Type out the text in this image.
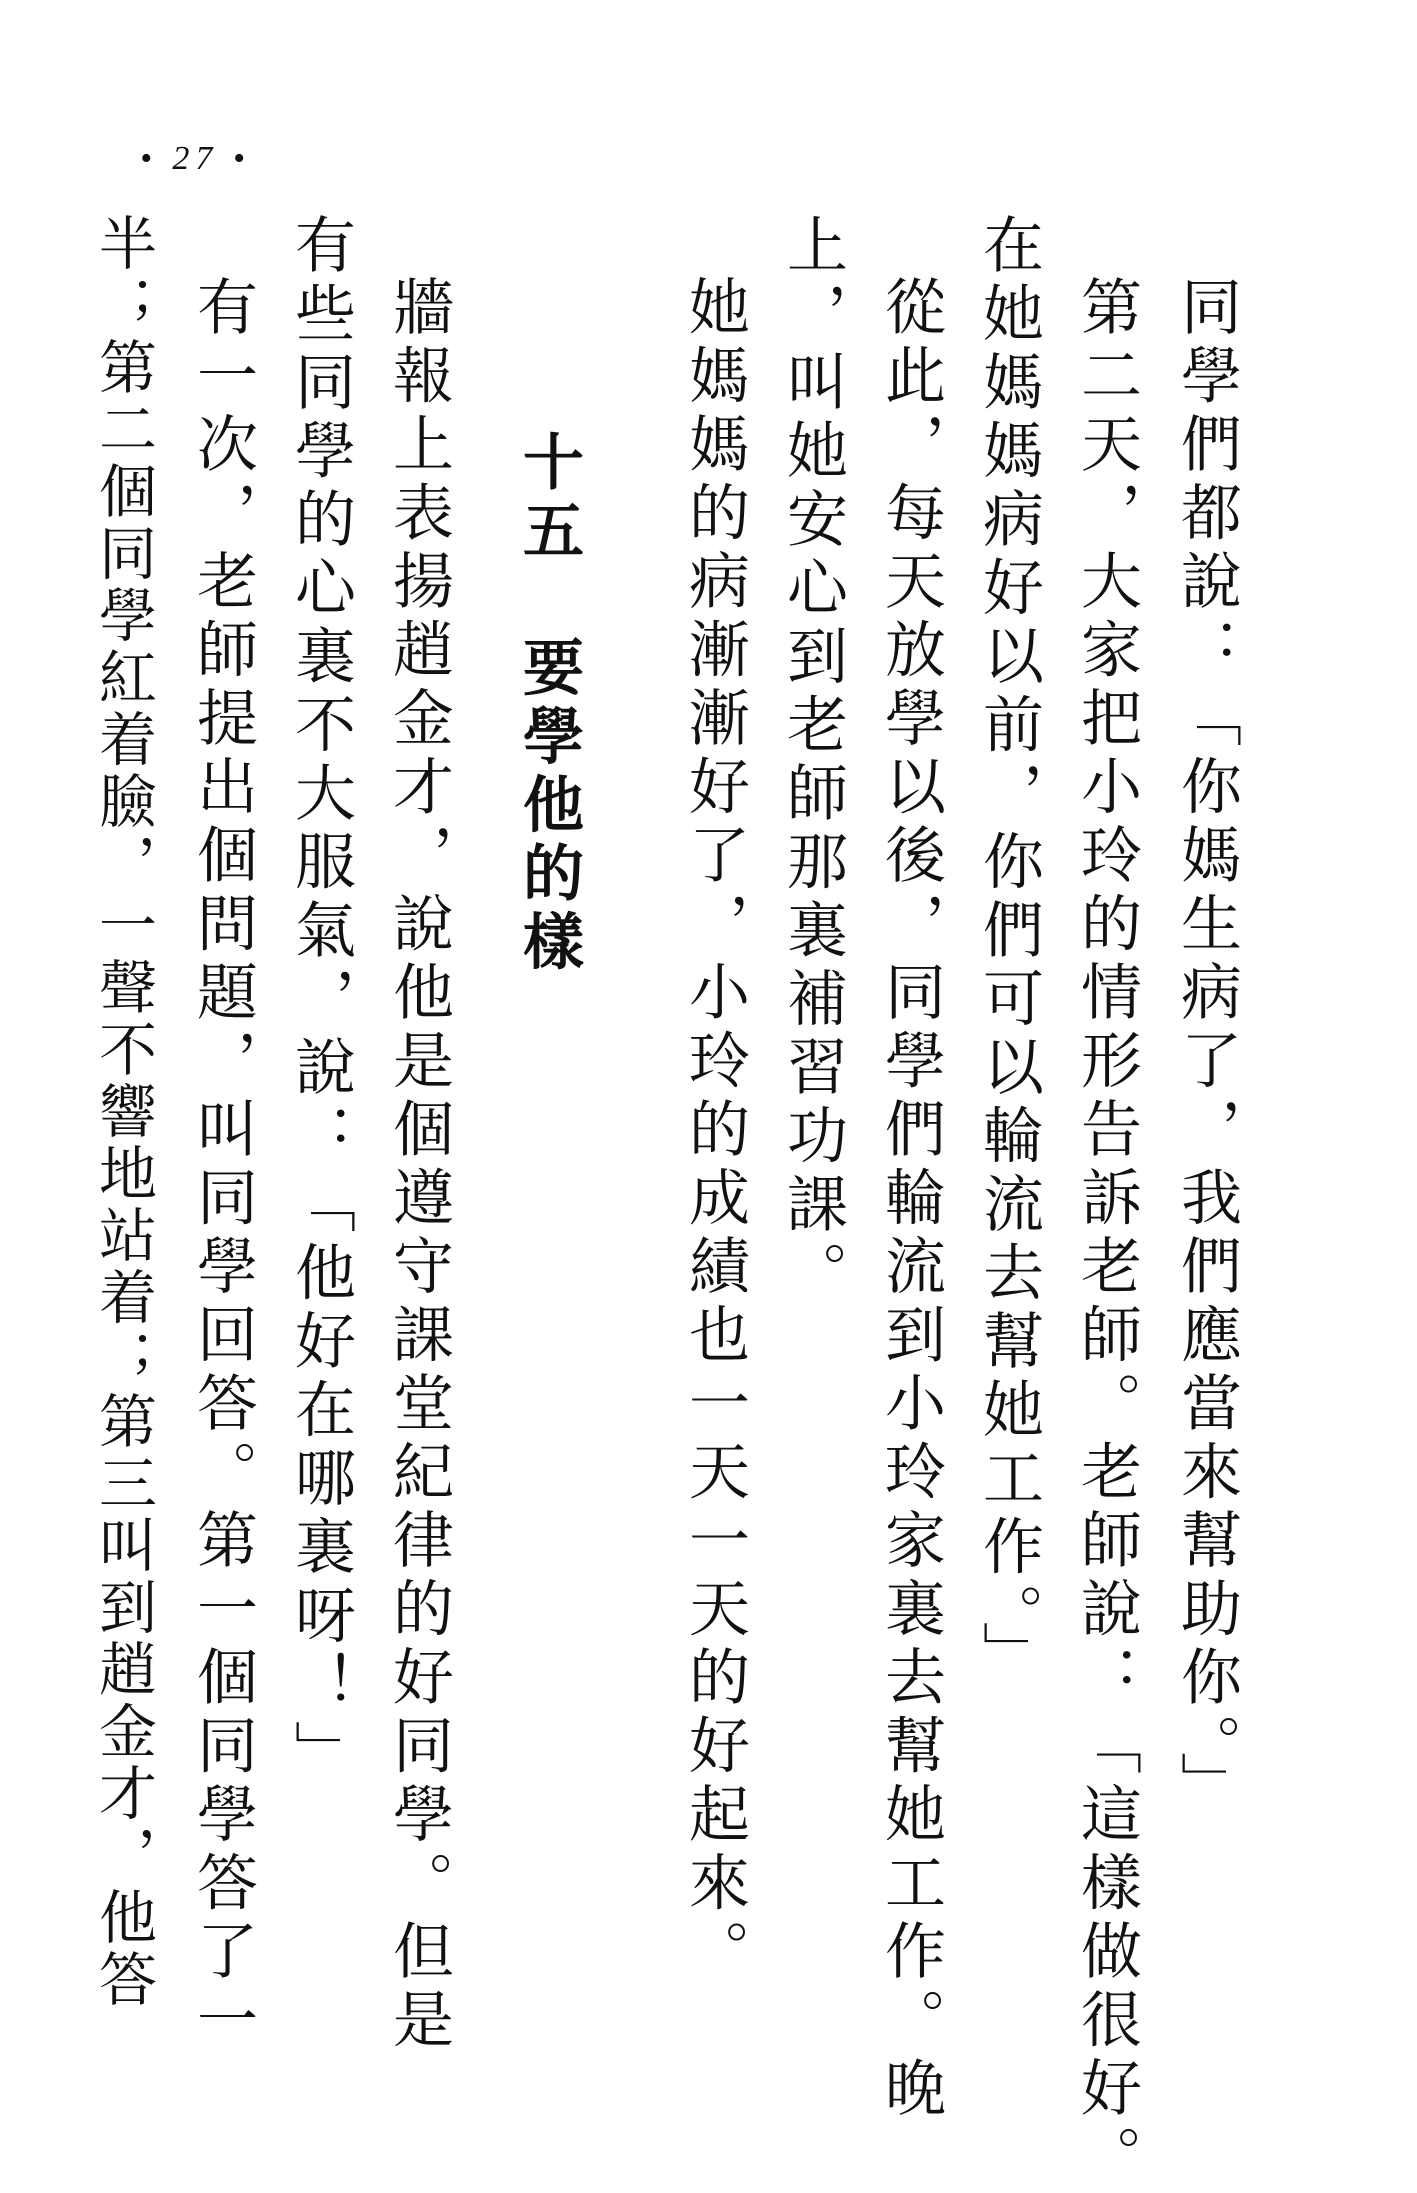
• 27 •
同學們都說：「你媽生病了，我們應當來幫助你。」
第二天，大家把小玲的情形告訴老師。老師說：「這樣做很好。
在她媽媽病好以前，你們可以輪流去幫她工作。」
從此，每天放學以後，同學們輪流到小玲家裏去幫她工作。晚
上，叫她安心到老師那裏補習功課。
她媽媽的病漸漸好了，小玲的成績也一天一天的好起來。
十五　要學他的樣
牆報上表揚趙金才，說他是個遵守課堂紀律的好同學。但是
有些同學的心裏不大服氣，說：「他好在哪裏呀！」
有一次，老師提出個問題，叫同學回答。第一個同學答了一
半；第二個同學紅着臉，一聲不響地站着；第三叫到趙金才，他答
